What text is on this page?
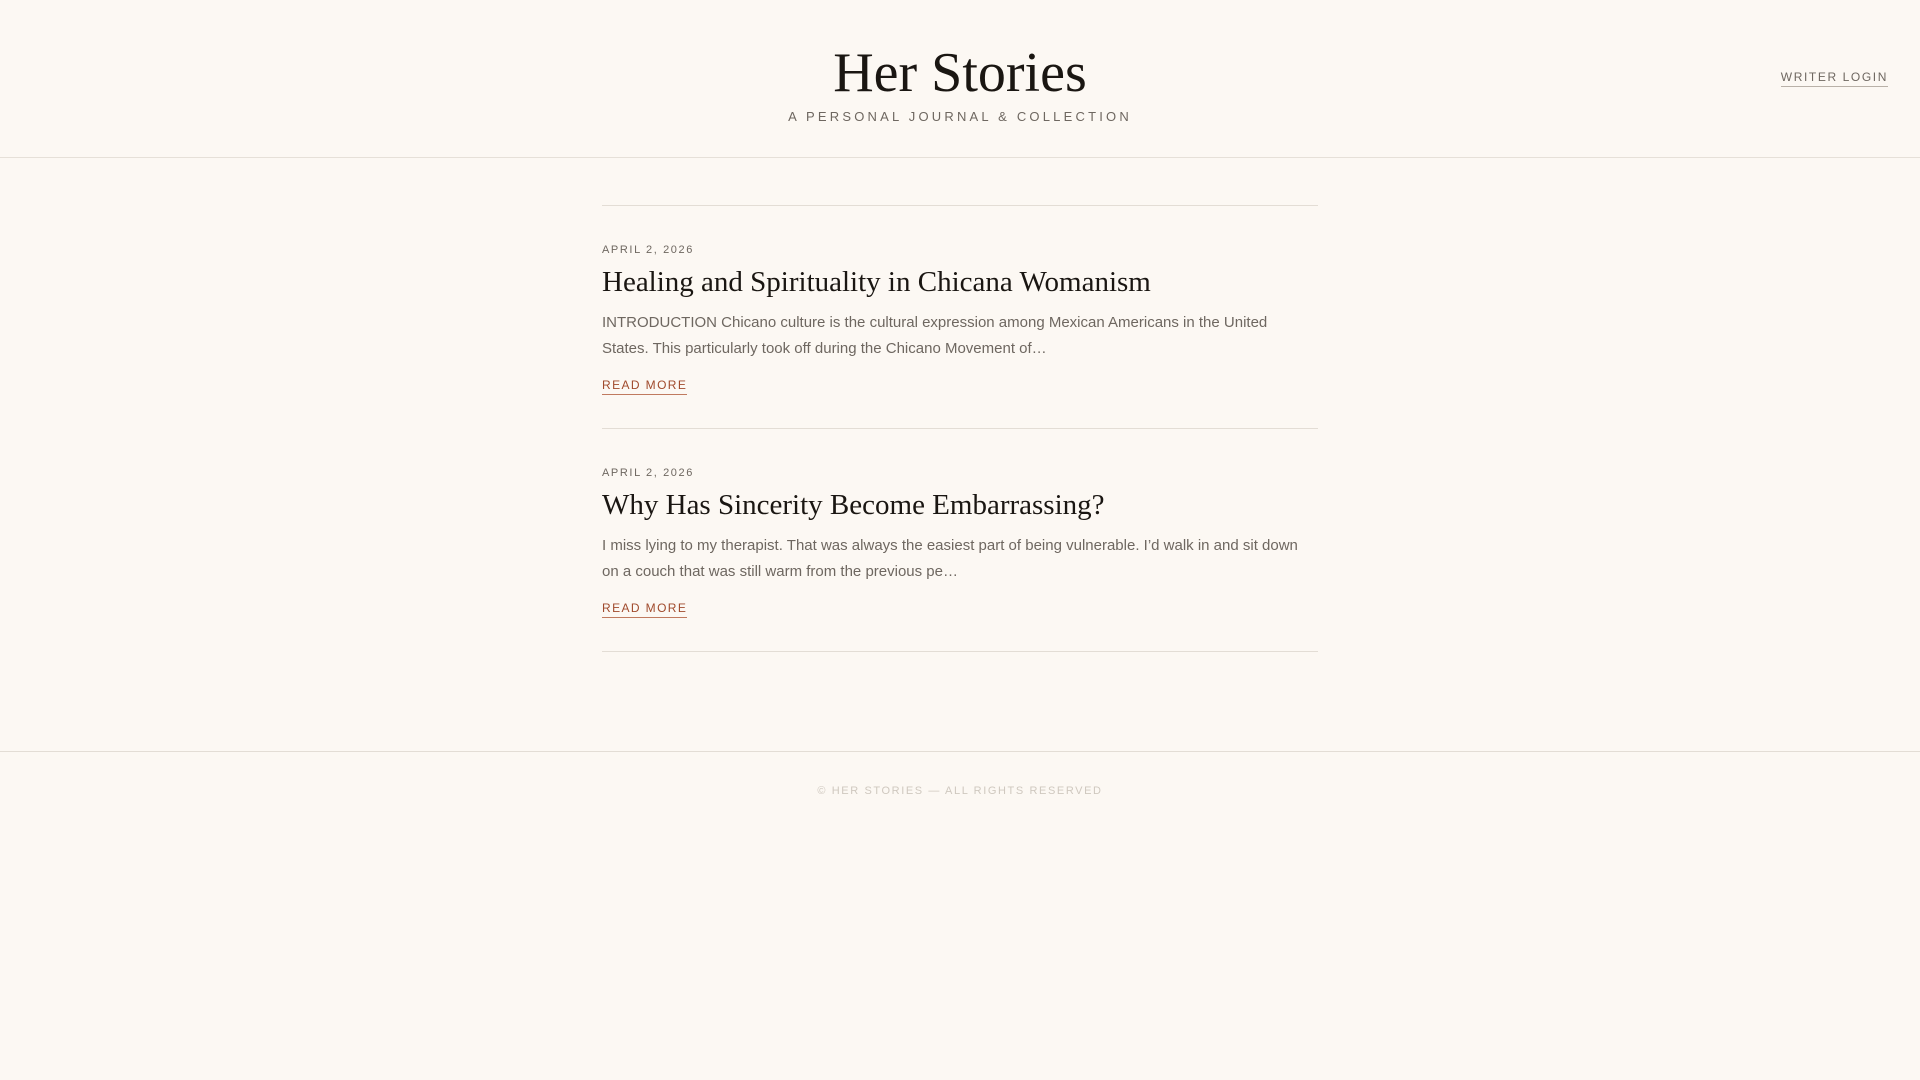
Her Stories
A PERSONAL JOURNAL & COLLECTION
WRITER LOGIN
APRIL 2, 2026
Healing and Spirituality in Chicana Womanism

INTRODUCTION Chicano culture is the cultural expression among Mexican Americans in the United States. This particularly took off during the Chicano Movement of…

READ MORE
APRIL 2, 2026
Why Has Sincerity Become Embarrassing?

I miss lying to my therapist. That was always the easiest part of being vulnerable. I’d walk in and sit down on a couch that was still warm from the previous pe…

READ MORE
© HER STORIES — ALL RIGHTS RESERVED
